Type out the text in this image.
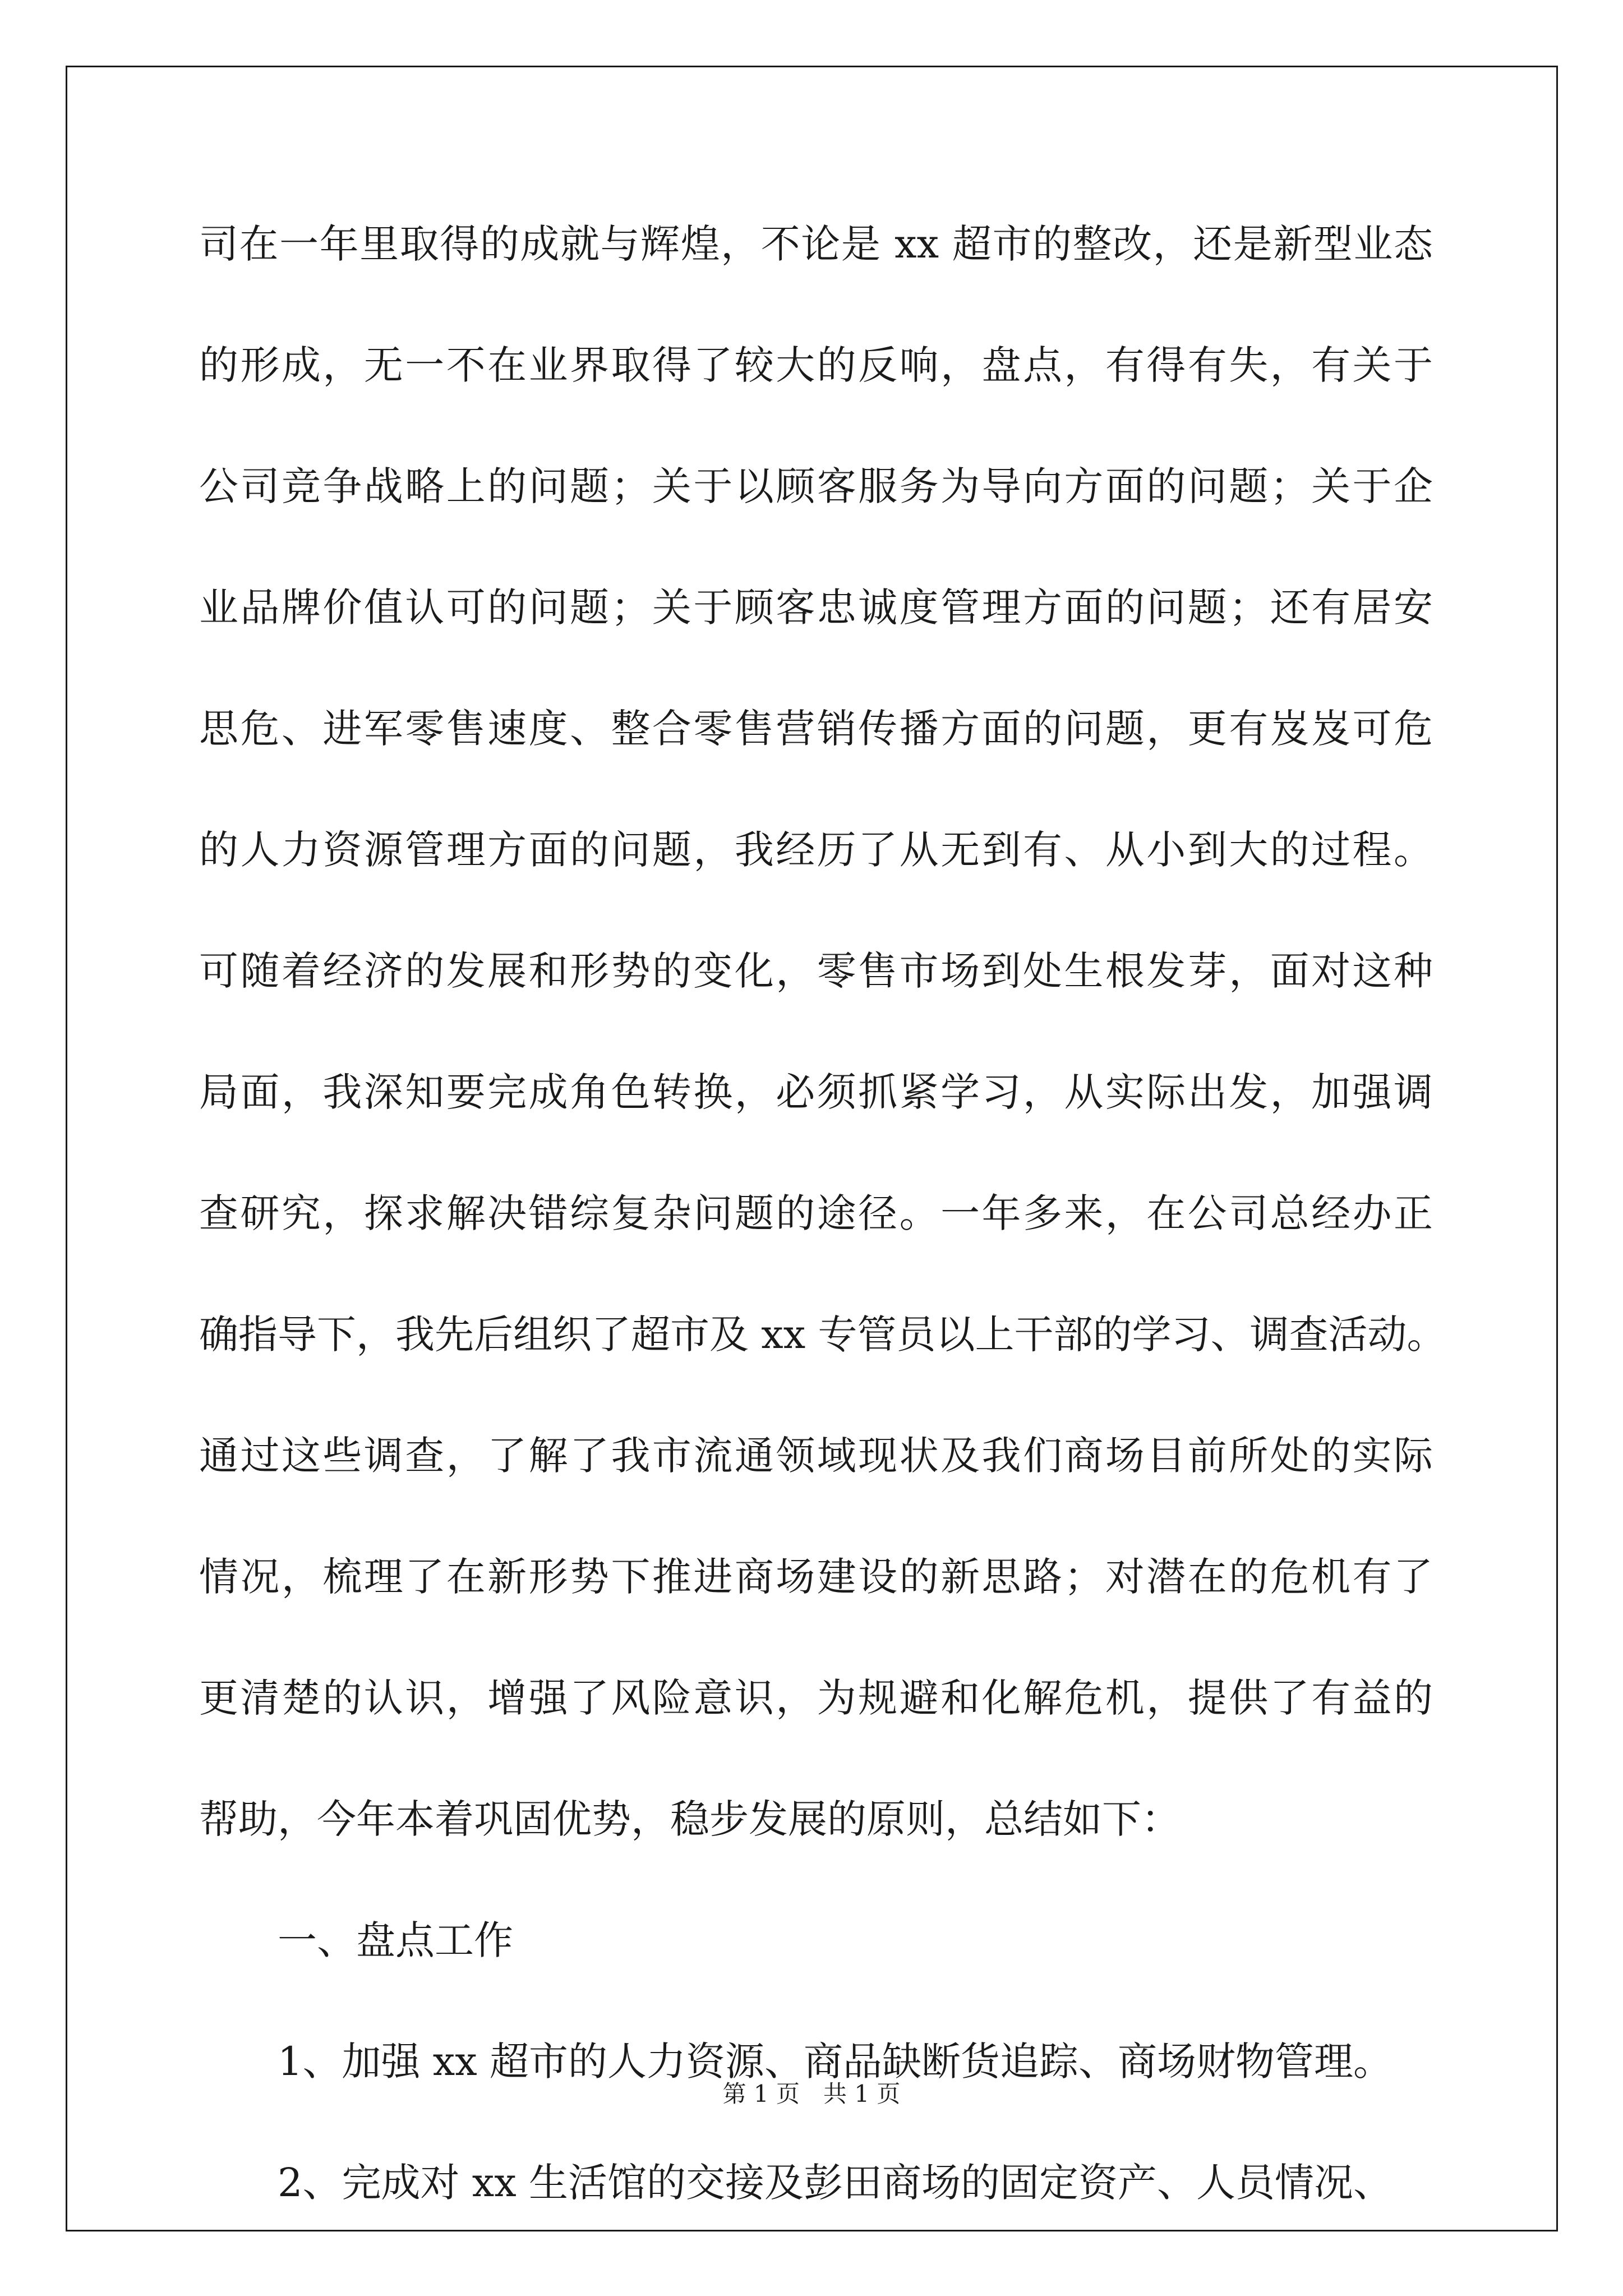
司在一年里取得的成就与辉煌，不论是 xx 超市的整改，还是新型业态
的形成，无一不在业界取得了较大的反响，盘点，有得有失，有关于
公司竞争战略上的问题；关于以顾客服务为导向方面的问题；关于企
业品牌价值认可的问题；关于顾客忠诚度管理方面的问题；还有居安
思危、进军零售速度、整合零售营销传播方面的问题，更有岌岌可危
的人力资源管理方面的问题，我经历了从无到有、从小到大的过程。
可随着经济的发展和形势的变化，零售市场到处生根发芽，面对这种
局面，我深知要完成角色转换，必须抓紧学习，从实际出发，加强调
查研究，探求解决错综复杂问题的途径。一年多来，在公司总经办正
确指导下，我先后组织了超市及 xx 专管员以上干部的学习、调查活动。
通过这些调查，了解了我市流通领域现状及我们商场目前所处的实际
情况，梳理了在新形势下推进商场建设的新思路；对潜在的危机有了
更清楚的认识，增强了风险意识，为规避和化解危机，提供了有益的
帮助，今年本着巩固优势，稳步发展的原则，总结如下：
一、盘点工作
1、加强 xx 超市的人力资源、商品缺断货追踪、商场财物管理。
2、完成对 xx 生活馆的交接及彭田商场的固定资产、人员情况、
第 1 页　共 1 页
